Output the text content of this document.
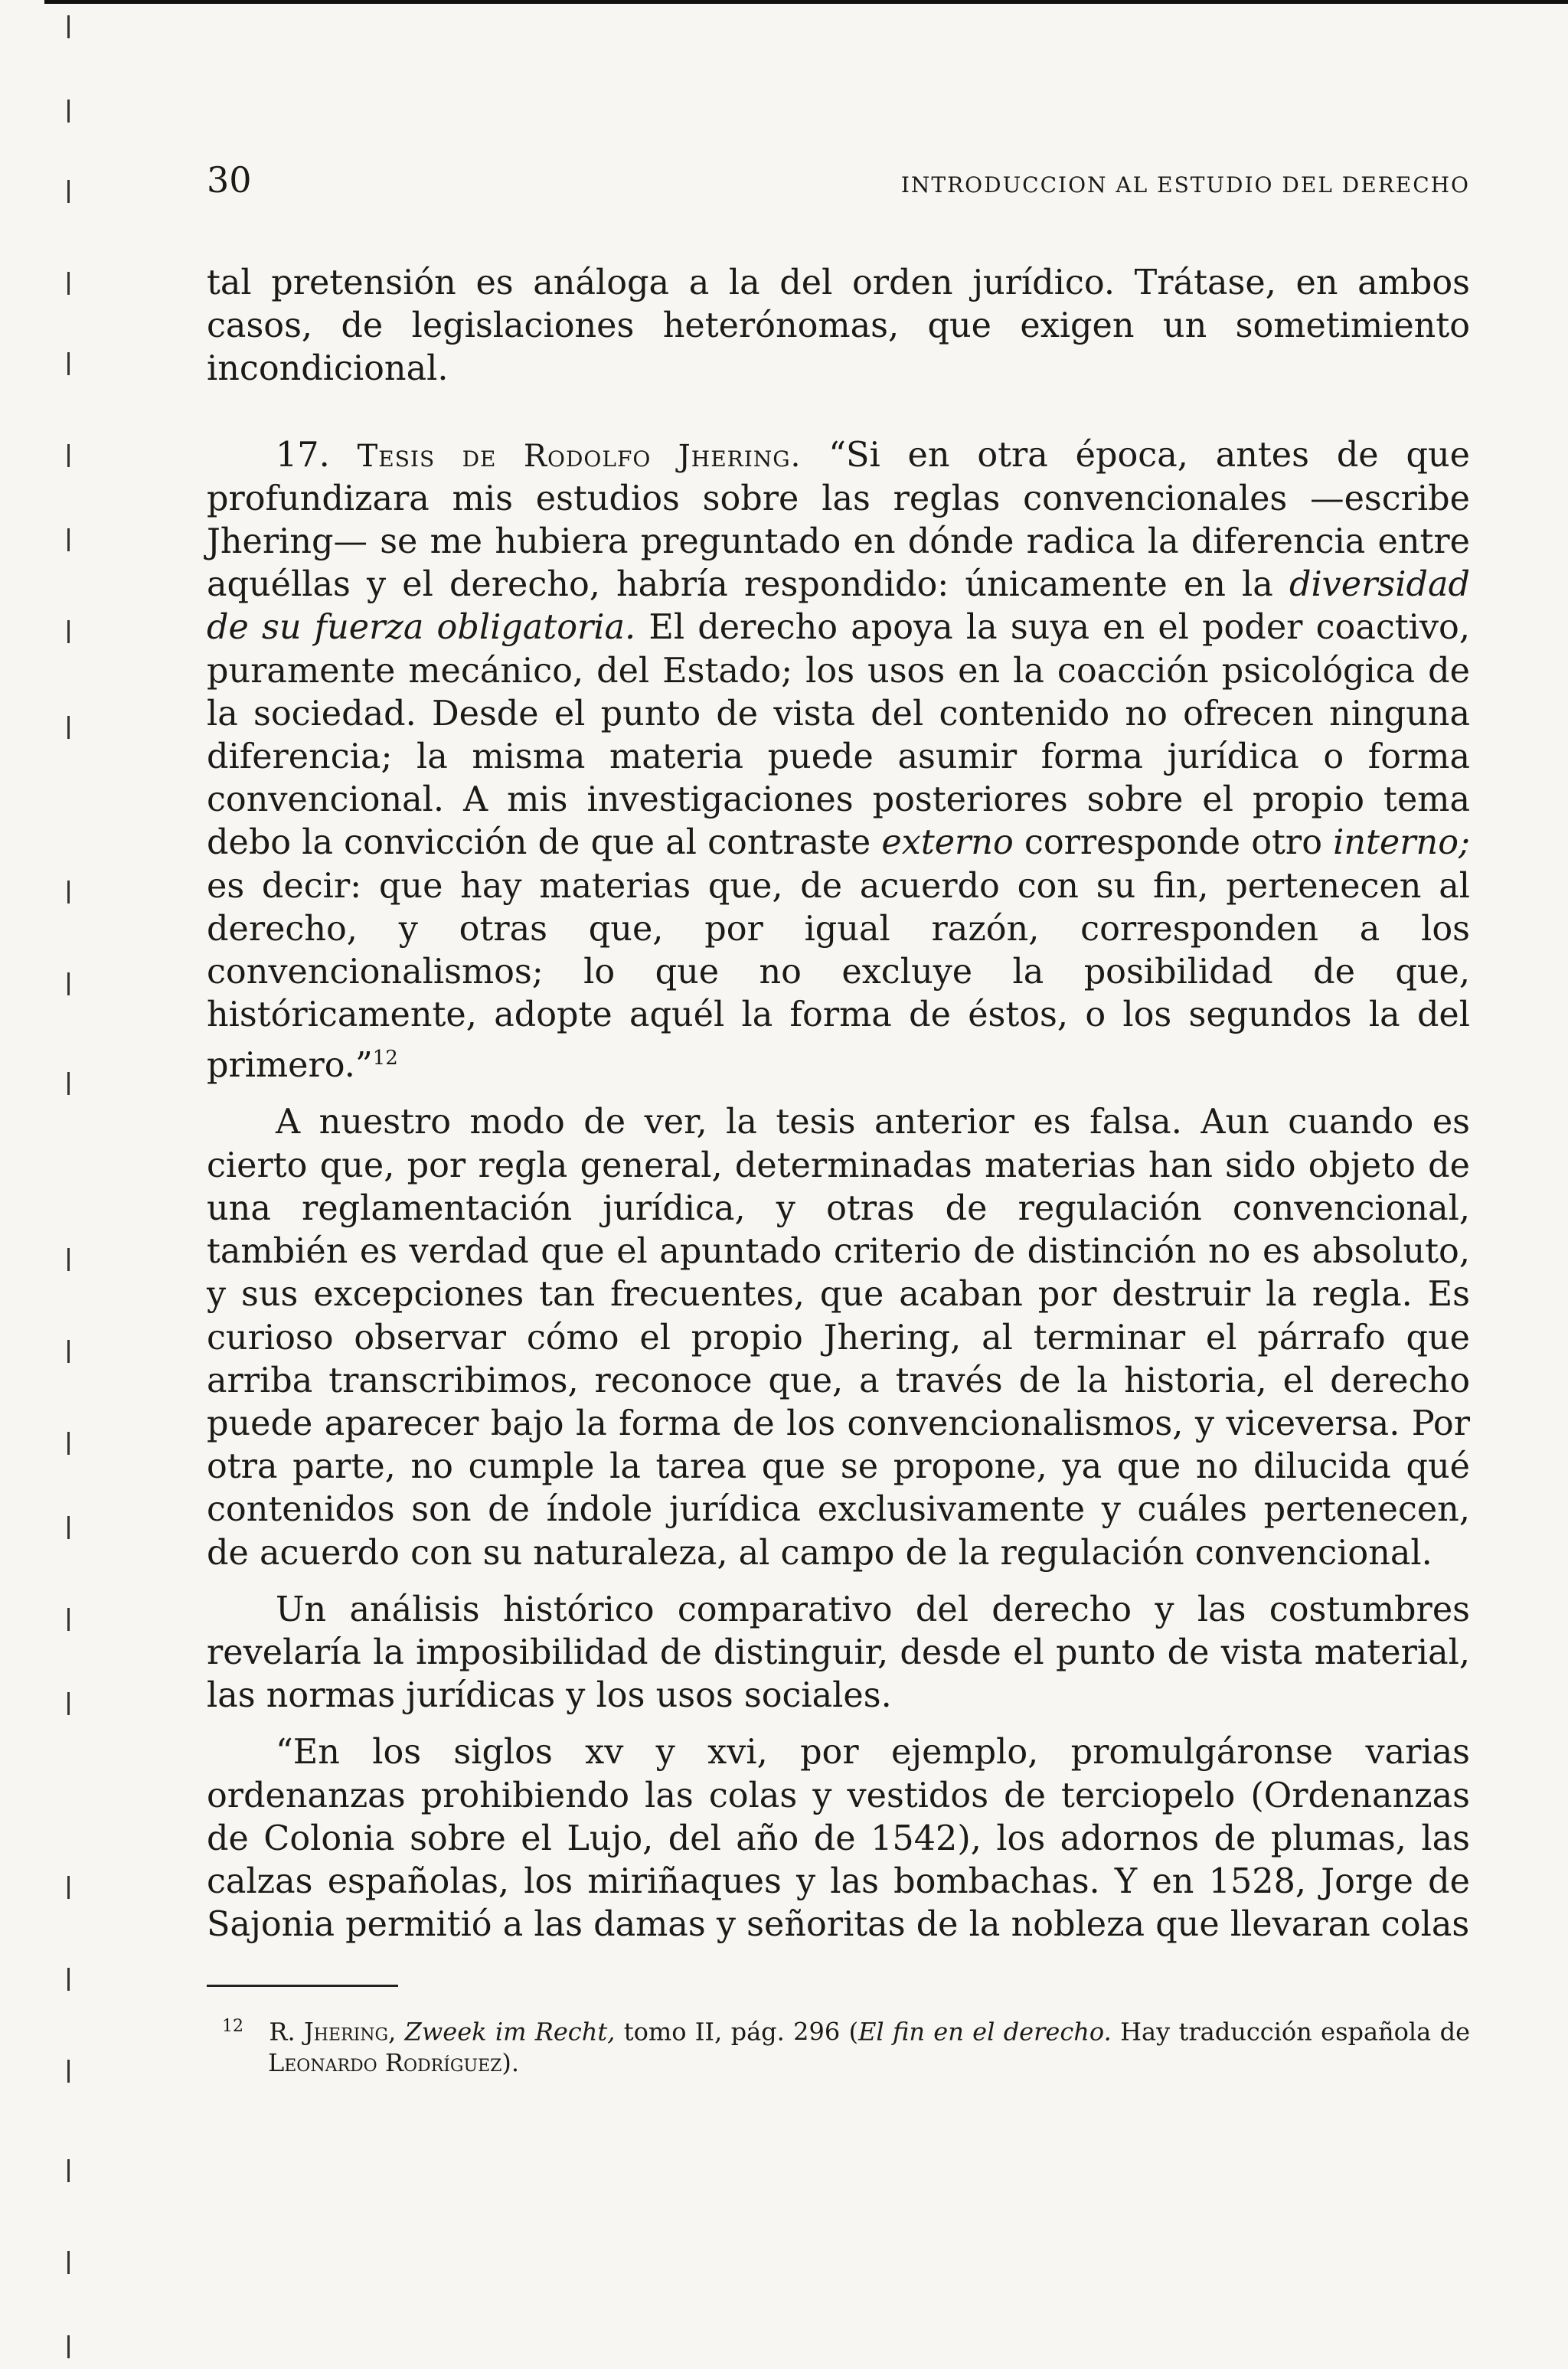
30	INTRODUCCION AL ESTUDIO DEL DERECHO

tal pretensión es análoga a la del orden jurídico. Trátase, en ambos casos, de legislaciones heterónomas, que exigen un sometimiento incondicional.

17. Tesis de Rodolfo Jhering. “Si en otra época, antes de que profundizara mis estudios sobre las reglas convencionales —escribe Jhering— se me hubiera preguntado en dónde radica la diferencia entre aquéllas y el derecho, habría respondido: únicamente en la diversidad de su fuerza obligatoria. El derecho apoya la suya en el poder coactivo, puramente mecánico, del Estado; los usos en la coacción psicológica de la sociedad. Desde el punto de vista del contenido no ofrecen ninguna diferencia; la misma materia puede asumir forma jurídica o forma convencional. A mis investigaciones posteriores sobre el propio tema debo la convicción de que al contraste externo corresponde otro interno; es decir: que hay materias que, de acuerdo con su fin, pertenecen al derecho, y otras que, por igual razón, corresponden a los convencionalismos; lo que no excluye la posibilidad de que, históricamente, adopte aquél la forma de éstos, o los segundos la del primero.”$^{12}$

A nuestro modo de ver, la tesis anterior es falsa. Aun cuando es cierto que, por regla general, determinadas materias han sido objeto de una reglamentación jurídica, y otras de regulación convencional, también es verdad que el apuntado criterio de distinción no es absoluto, y sus excepciones tan frecuentes, que acaban por destruir la regla. Es curioso observar cómo el propio Jhering, al terminar el párrafo que arriba transcribimos, reconoce que, a través de la historia, el derecho puede aparecer bajo la forma de los convencionalismos, y viceversa. Por otra parte, no cumple la tarea que se propone, ya que no dilucida qué contenidos son de índole jurídica exclusivamente y cuáles pertenecen, de acuerdo con su naturaleza, al campo de la regulación convencional.

Un análisis histórico comparativo del derecho y las costumbres revelaría la imposibilidad de distinguir, desde el punto de vista material, las normas jurídicas y los usos sociales.

“En los siglos xv y xvi, por ejemplo, promulgáronse varias ordenanzas prohibiendo las colas y vestidos de terciopelo (Ordenanzas de Colonia sobre el Lujo, del año de 1542), los adornos de plumas, las calzas españolas, los miriñaques y las bombachas. Y en 1528, Jorge de Sajonia permitió a las damas y señoritas de la nobleza que llevaran colas

12 R. Jhering, Zweek im Recht, tomo II, pág. 296 (El fin en el derecho. Hay traducción española de Leonardo Rodríguez).
